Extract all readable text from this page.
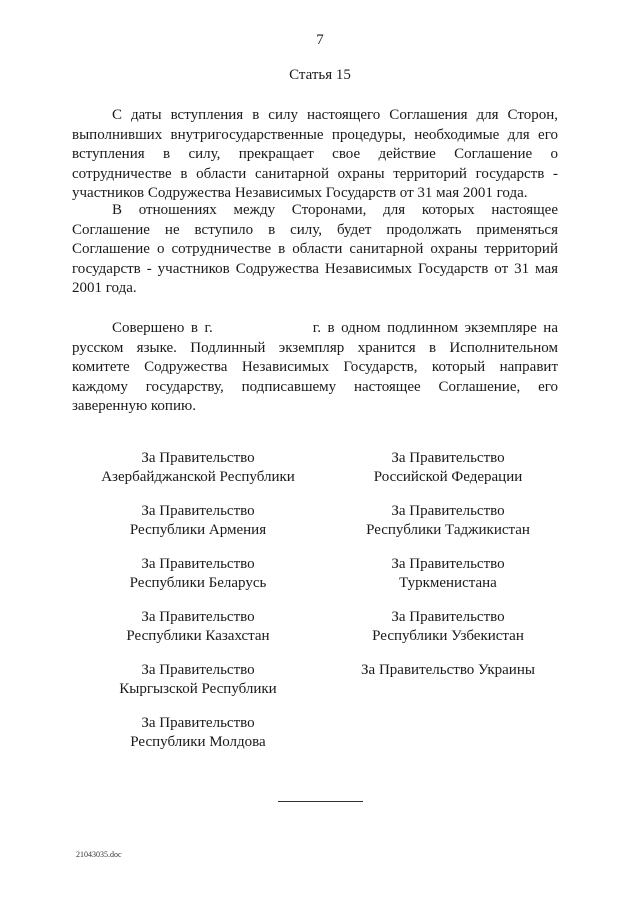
7
Статья 15

С даты вступления в силу настоящего Соглашения для Сторон, выполнивших внутригосударственные процедуры, необходимые для его вступления в силу, прекращает свое действие Соглашение о сотрудничестве в области санитарной охраны территорий государств - участников Содружества Независимых Государств от 31 мая 2001 года.

В отношениях между Сторонами, для которых настоящее Соглашение не вступило в силу, будет продолжать применяться Соглашение о сотрудничестве в области санитарной охраны территорий государств - участников Содружества Независимых Государств от 31 мая 2001 года.

Совершено в г.	г. в одном подлинном экземпляре на русском языке. Подлинный экземпляр хранится в Исполнительном комитете Содружества Независимых Государств, который направит каждому государству, подписавшему настоящее Соглашение, его заверенную копию.

За Правительство
Азербайджанской Республики
За Правительство
Республики Армения
За Правительство
Республики Беларусь
За Правительство
Республики Казахстан
За Правительство
Кыргызской Республики
За Правительство
Республики Молдова
За Правительство
Российской Федерации
За Правительство
Республики Таджикистан
За Правительство
Туркменистана
За Правительство
Республики Узбекистан
За Правительство Украины
21043035.doc
